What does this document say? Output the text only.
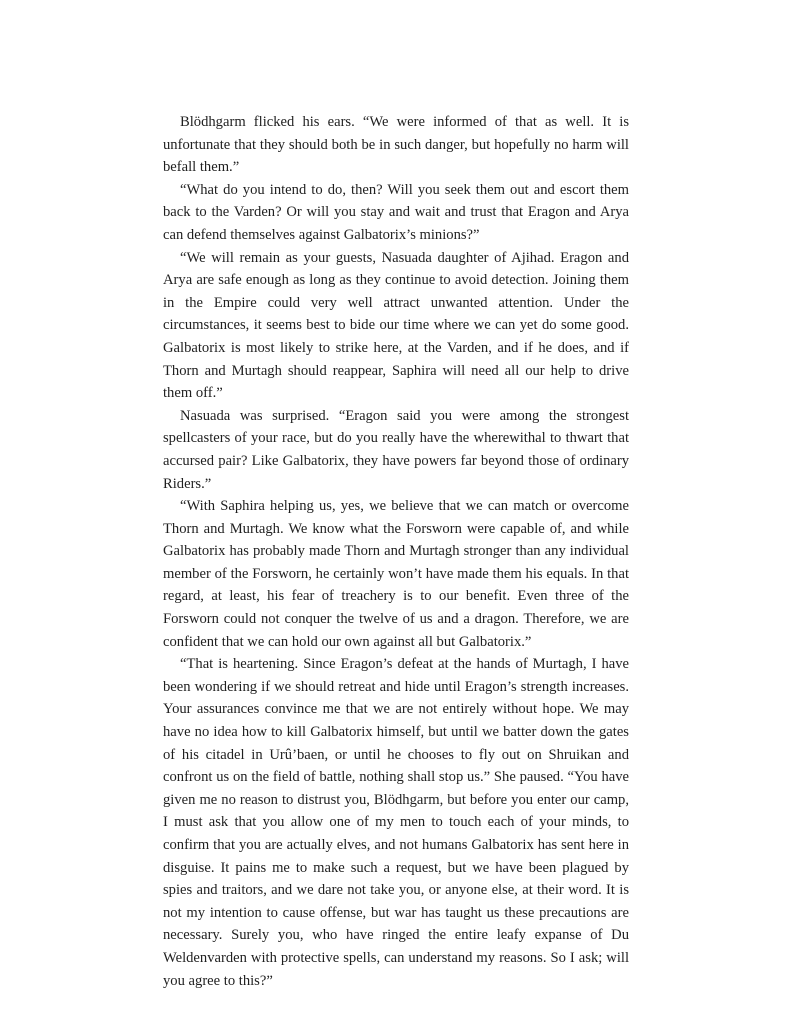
Blödhgarm flicked his ears. “We were informed of that as well. It is unfortunate that they should both be in such danger, but hopefully no harm will befall them.”

“What do you intend to do, then? Will you seek them out and escort them back to the Varden? Or will you stay and wait and trust that Eragon and Arya can defend themselves against Galbatorix’s minions?”

“We will remain as your guests, Nasuada daughter of Ajihad. Eragon and Arya are safe enough as long as they continue to avoid detection. Joining them in the Empire could very well attract unwanted attention. Under the circumstances, it seems best to bide our time where we can yet do some good. Galbatorix is most likely to strike here, at the Varden, and if he does, and if Thorn and Murtagh should reappear, Saphira will need all our help to drive them off.”

Nasuada was surprised. “Eragon said you were among the strongest spellcasters of your race, but do you really have the wherewithal to thwart that accursed pair? Like Galbatorix, they have powers far beyond those of ordinary Riders.”

“With Saphira helping us, yes, we believe that we can match or overcome Thorn and Murtagh. We know what the Forsworn were capable of, and while Galbatorix has probably made Thorn and Murtagh stronger than any individual member of the Forsworn, he certainly won’t have made them his equals. In that regard, at least, his fear of treachery is to our benefit. Even three of the Forsworn could not conquer the twelve of us and a dragon. Therefore, we are confident that we can hold our own against all but Galbatorix.”

“That is heartening. Since Eragon’s defeat at the hands of Murtagh, I have been wondering if we should retreat and hide until Eragon’s strength increases. Your assurances convince me that we are not entirely without hope. We may have no idea how to kill Galbatorix himself, but until we batter down the gates of his citadel in Urû’baen, or until he chooses to fly out on Shruikan and confront us on the field of battle, nothing shall stop us.” She paused. “You have given me no reason to distrust you, Blödhgarm, but before you enter our camp, I must ask that you allow one of my men to touch each of your minds, to confirm that you are actually elves, and not humans Galbatorix has sent here in disguise. It pains me to make such a request, but we have been plagued by spies and traitors, and we dare not take you, or anyone else, at their word. It is not my intention to cause offense, but war has taught us these precautions are necessary. Surely you, who have ringed the entire leafy expanse of Du Weldenvarden with protective spells, can understand my reasons. So I ask; will you agree to this?”
